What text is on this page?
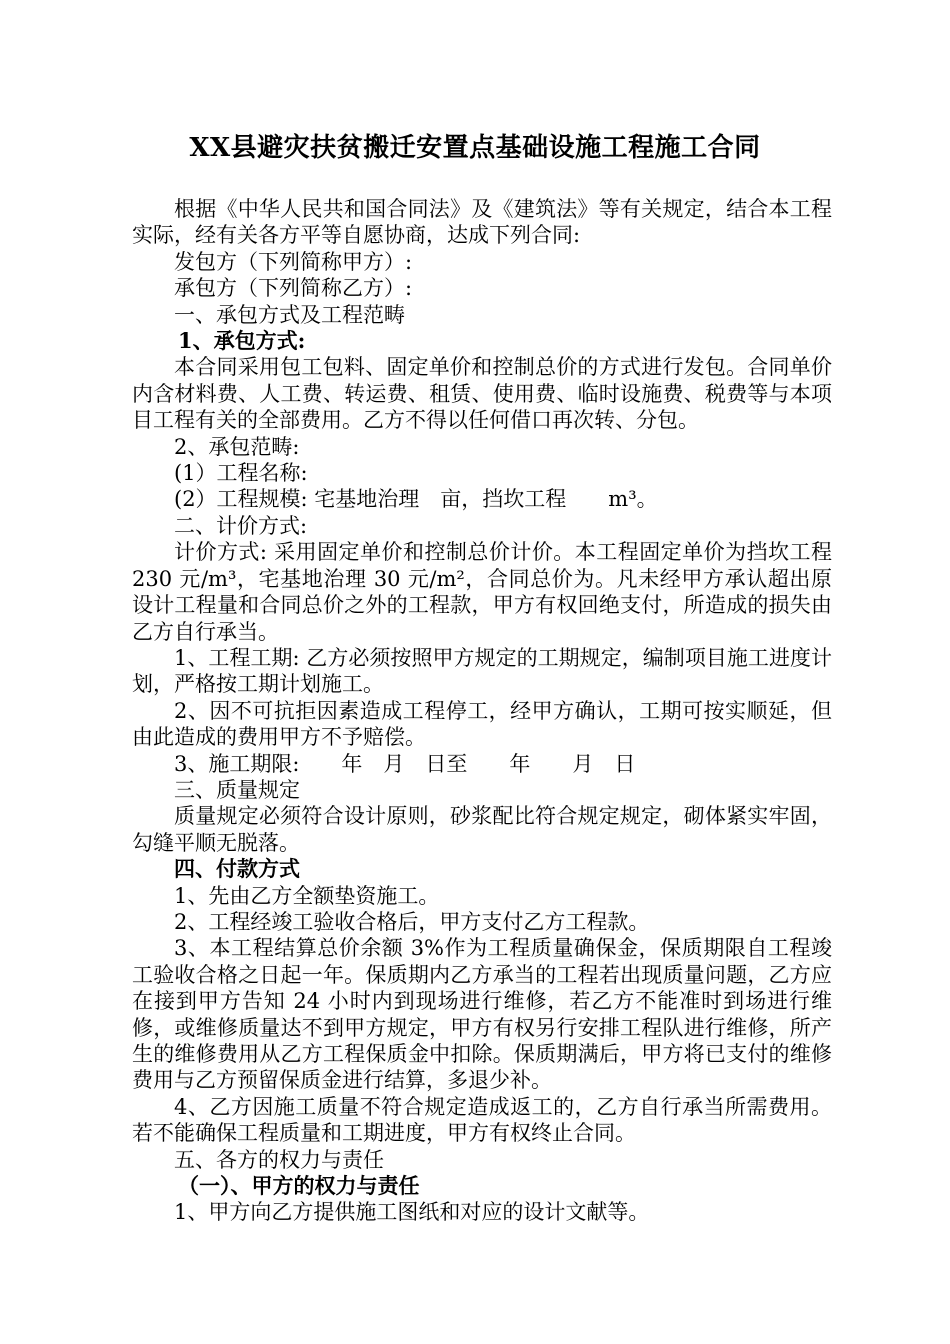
XX县避灾扶贫搬迁安置点基础设施工程施工合同

根据《中华人民共和国合同法》及《建筑法》等有关规定，结合本工程实际，经有关各方平等自愿协商，达成下列合同:

发包方（下列简称甲方）:

承包方（下列简称乙方）:

一、承包方式及工程范畴

1、承包方式:

本合同采用包工包料、固定单价和控制总价的方式进行发包。合同单价内含材料费、人工费、转运费、租赁、使用费、临时设施费、税费等与本项目工程有关的全部费用。乙方不得以任何借口再次转、分包。

2、承包范畴:

(1）工程名称:

(2）工程规模: 宅基地治理　亩，挡坎工程　　m³。

二、计价方式:

计价方式: 采用固定单价和控制总价计价。本工程固定单价为挡坎工程 230 元/m³，宅基地治理 30 元/m²，合同总价为。凡未经甲方承认超出原设计工程量和合同总价之外的工程款，甲方有权回绝支付，所造成的损失由乙方自行承当。

1、工程工期: 乙方必须按照甲方规定的工期规定，编制项目施工进度计划，严格按工期计划施工。

2、因不可抗拒因素造成工程停工，经甲方确认，工期可按实顺延，但由此造成的费用甲方不予赔偿。

3、施工期限:　　年　月　日至　　年　　月　日

三、质量规定

质量规定必须符合设计原则，砂浆配比符合规定规定，砌体紧实牢固，勾缝平顺无脱落。

四、付款方式

1、先由乙方全额垫资施工。

2、工程经竣工验收合格后，甲方支付乙方工程款。

3、本工程结算总价余额 3%作为工程质量确保金，保质期限自工程竣工验收合格之日起一年。保质期内乙方承当的工程若出现质量问题，乙方应在接到甲方告知 24 小时内到现场进行维修，若乙方不能准时到场进行维修，或维修质量达不到甲方规定，甲方有权另行安排工程队进行维修，所产生的维修费用从乙方工程保质金中扣除。保质期满后，甲方将已支付的维修费用与乙方预留保质金进行结算，多退少补。

4、乙方因施工质量不符合规定造成返工的，乙方自行承当所需费用。若不能确保工程质量和工期进度，甲方有权终止合同。

五、各方的权力与责任

（一）、甲方的权力与责任

1、甲方向乙方提供施工图纸和对应的设计文献等。
